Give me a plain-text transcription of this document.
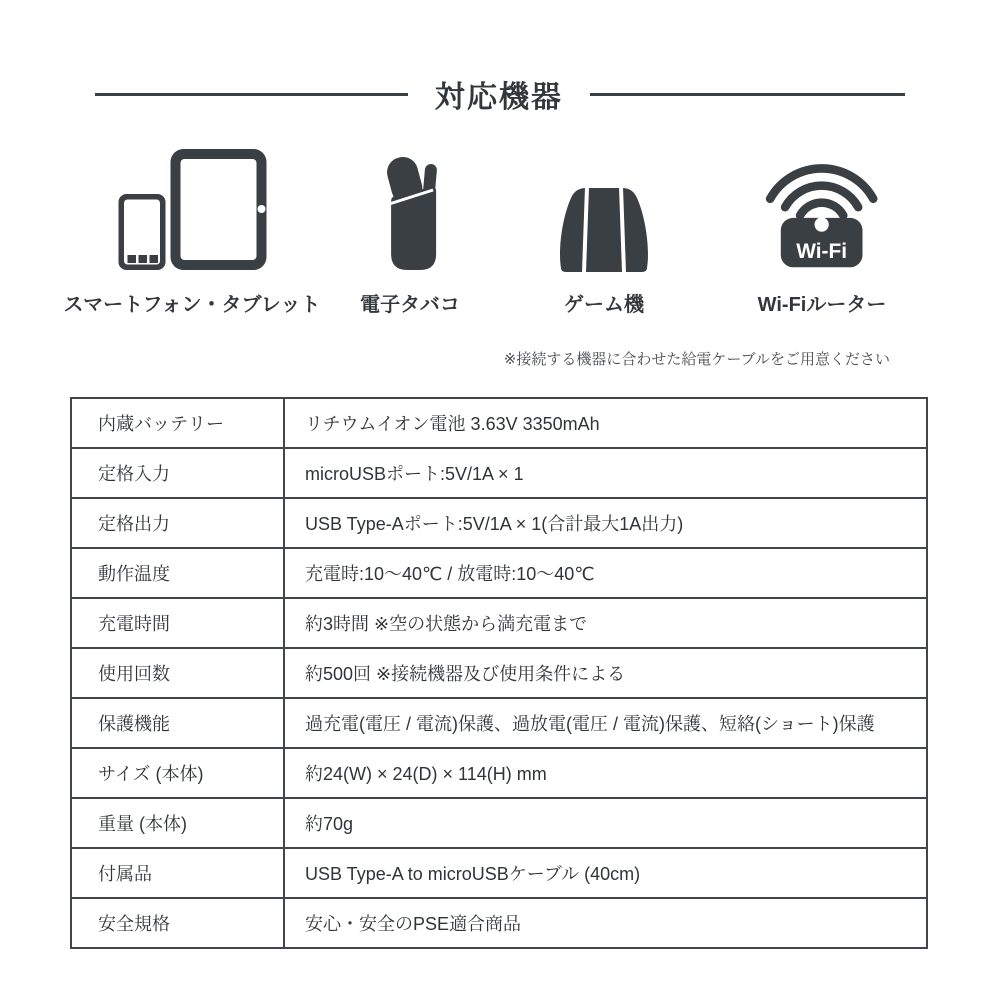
対応機器
スマートフォン・タブレット 電子タバコ	ゲーム機
Wi-Fi
Wi-Fiルーター

※接続する機器に合わせた給電ケーブルをご用意ください

内蔵バッテリー	リチウムイオン電池 3.63V 3350mAh
定格入力	microUSBポート:5V/1A × 1
定格出力	USB Type-Aポート:5V/1A × 1(合計最大1A出力)
動作温度	充電時:10〜40℃ / 放電時:10〜40℃
充電時間	約3時間 ※空の状態から満充電まで
使用回数	約500回 ※接続機器及び使用条件による
保護機能	過充電(電圧 / 電流)保護、過放電(電圧 / 電流)保護、短絡(ショート)保護
サイズ (本体)	約24(W) × 24(D) × 114(H) mm
重量 (本体)	約70g
付属品	USB Type-A to microUSBケーブル (40cm)
安全規格	安心・安全のPSE適合商品
